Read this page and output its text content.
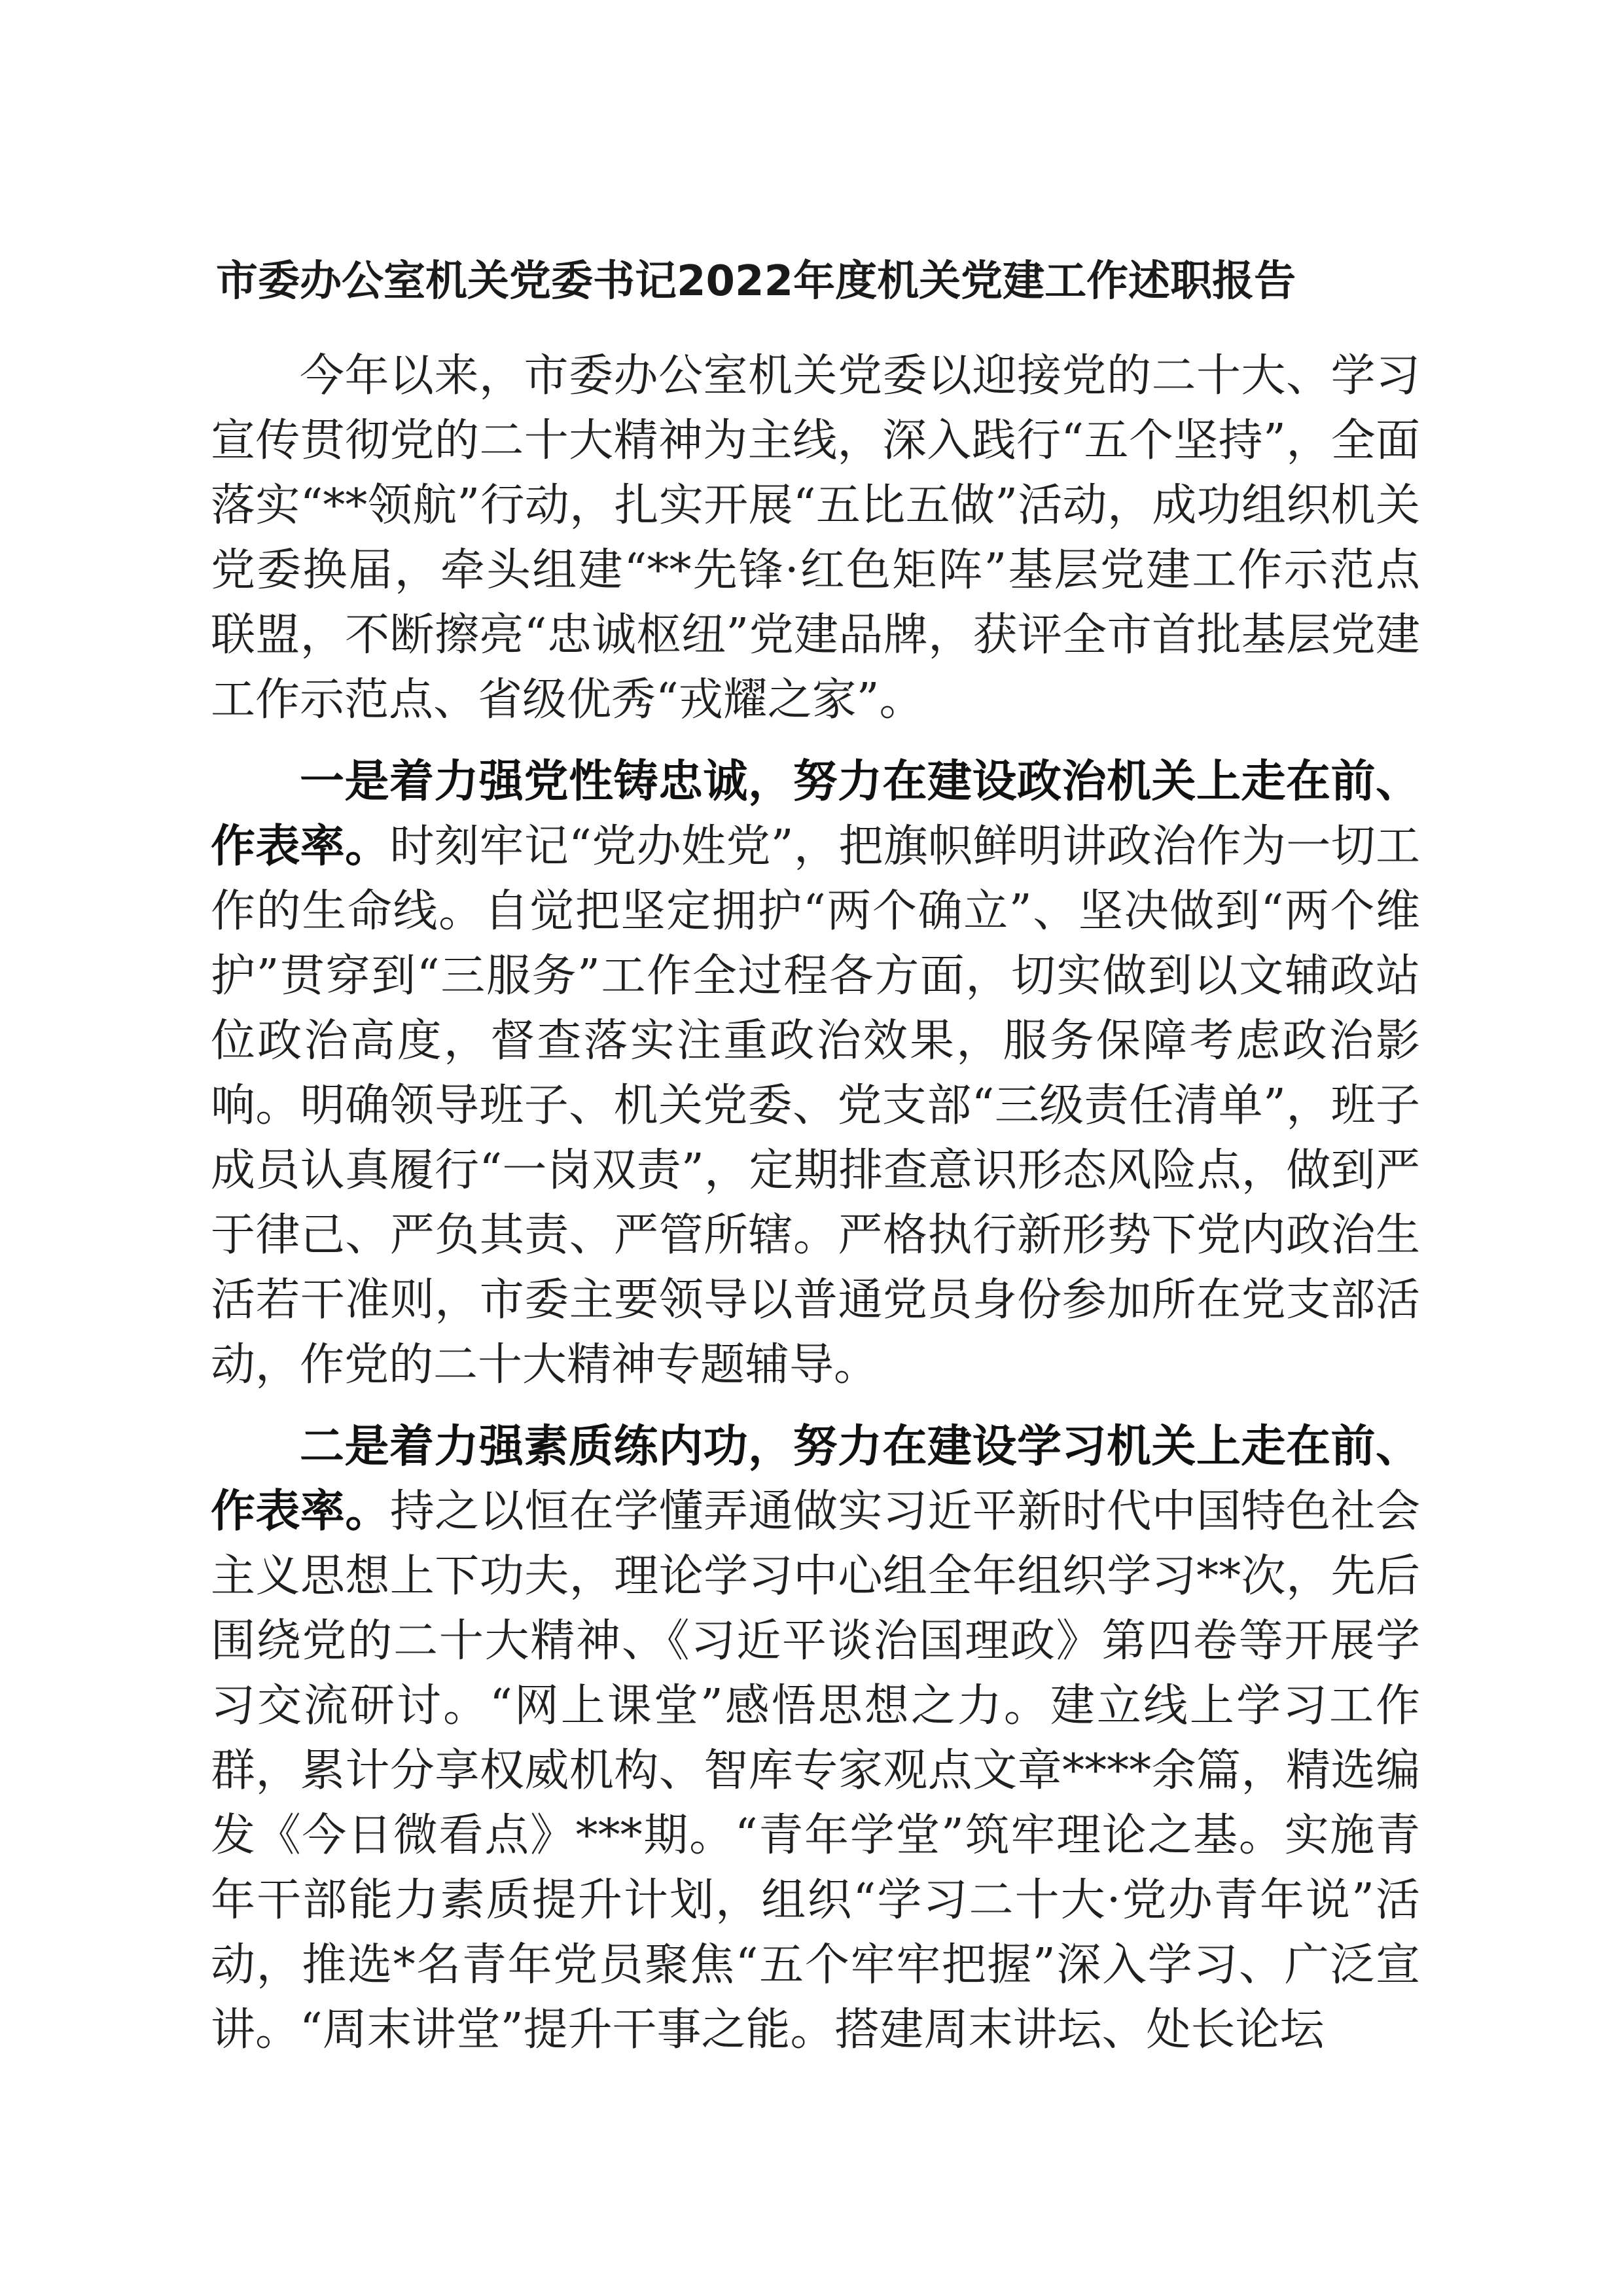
市委办公室机关党委书记2022年度机关党建工作述职报告

今年以来，市委办公室机关党委以迎接党的二十大、学习宣传贯彻党的二十大精神为主线，深入践行“五个坚持”，全面落实“**领航”行动，扎实开展“五比五做”活动，成功组织机关党委换届，牵头组建“**先锋·红色矩阵”基层党建工作示范点联盟，不断擦亮“忠诚枢纽”党建品牌，获评全市首批基层党建工作示范点、省级优秀“戎耀之家”。

一是着力强党性铸忠诚，努力在建设政治机关上走在前、作表率。时刻牢记“党办姓党”，把旗帜鲜明讲政治作为一切工作的生命线。自觉把坚定拥护“两个确立”、坚决做到“两个维护”贯穿到“三服务”工作全过程各方面，切实做到以文辅政站位政治高度，督查落实注重政治效果，服务保障考虑政治影响。明确领导班子、机关党委、党支部“三级责任清单”，班子成员认真履行“一岗双责”，定期排查意识形态风险点，做到严于律己、严负其责、严管所辖。严格执行新形势下党内政治生活若干准则，市委主要领导以普通党员身份参加所在党支部活动，作党的二十大精神专题辅导。

二是着力强素质练内功，努力在建设学习机关上走在前、作表率。持之以恒在学懂弄通做实习近平新时代中国特色社会主义思想上下功夫，理论学习中心组全年组织学习**次，先后围绕党的二十大精神、《习近平谈治国理政》第四卷等开展学习交流研讨。“网上课堂”感悟思想之力。建立线上学习工作群，累计分享权威机构、智库专家观点文章****余篇，精选编发《今日微看点》***期。“青年学堂”筑牢理论之基。实施青年干部能力素质提升计划，组织“学习二十大·党办青年说”活动，推选*名青年党员聚焦“五个牢牢把握”深入学习、广泛宣讲。“周末讲堂”提升干事之能。搭建周末讲坛、处长论坛
